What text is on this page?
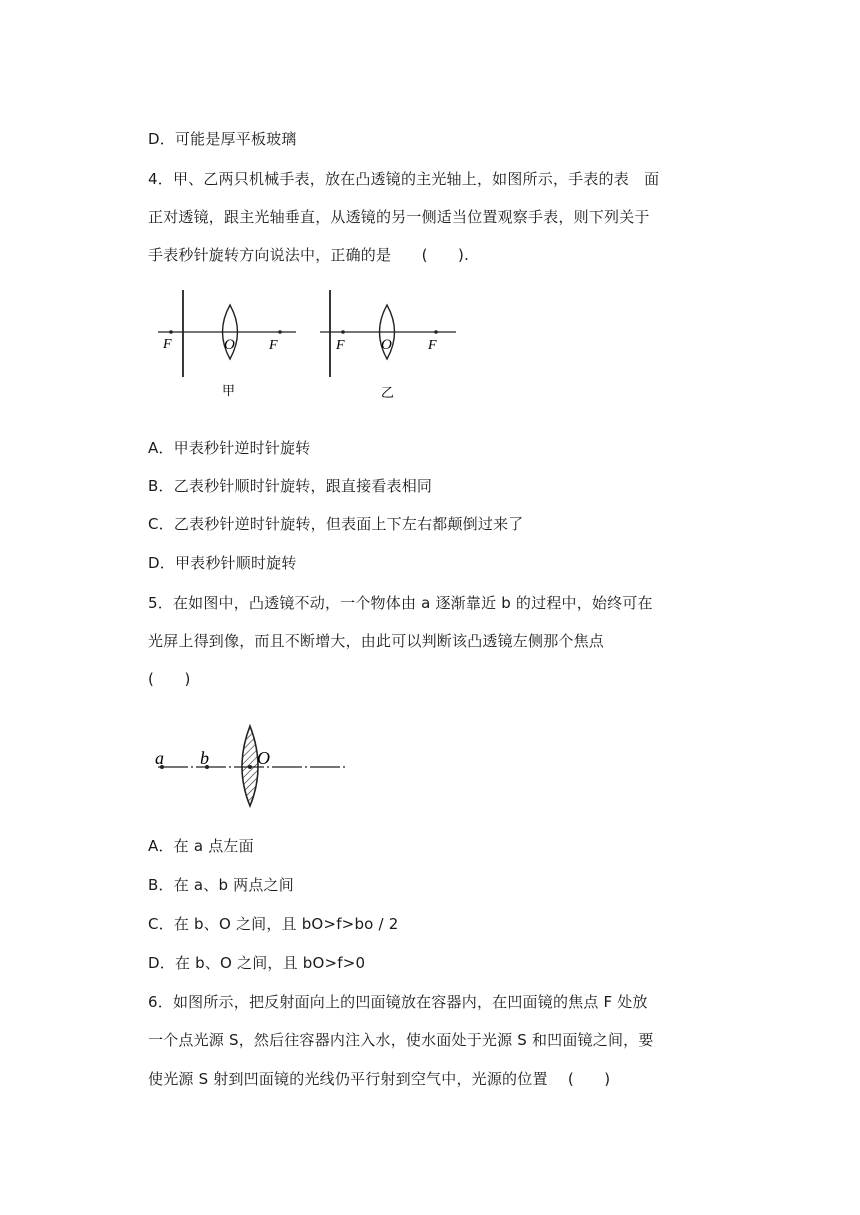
D．可能是厚平板玻璃
4．甲、乙两只机械手表，放在凸透镜的主光轴上，如图所示，手表的表　面
正对透镜，跟主光轴垂直，从透镜的另一侧适当位置观察手表，则下列关于
手表秒针旋转方向说法中，正确的是　　(　　).
F	O F
甲
F O	F
乙
A．甲表秒针逆时针旋转
B．乙表秒针顺时针旋转，跟直接看表相同
C．乙表秒针逆时针旋转，但表面上下左右都颠倒过来了
D．甲表秒针顺时旋转
5．在如图中，凸透镜不动，一个物体由 a 逐渐靠近 b 的过程中，始终可在
光屏上得到像，而且不断增大，由此可以判断该凸透镜左侧那个焦点
(　　)
a b	O
A．在 a 点左面
B．在 a、b 两点之间
C．在 b、O 之间，且 bO>f>bo / 2
D．在 b、O 之间，且 bO>f>0
6．如图所示，把反射面向上的凹面镜放在容器内，在凹面镜的焦点 F 处放
一个点光源 S，然后往容器内注入水，使水面处于光源 S 和凹面镜之间，要
使光源 S 射到凹面镜的光线仍平行射到空气中，光源的位置　 (　　)
